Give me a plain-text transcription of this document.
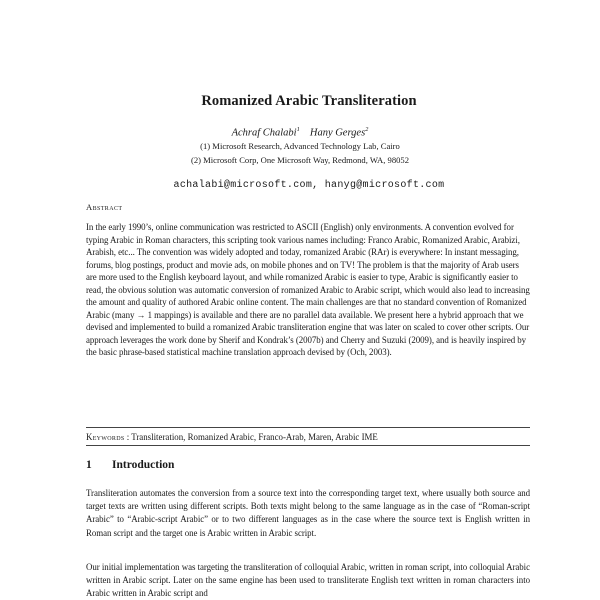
Romanized Arabic Transliteration
Achraf Chalabi$^1$ Hany Gerges$^2$
(1) Microsoft Research, Advanced Technology Lab, Cairo
(2) Microsoft Corp, One Microsoft Way, Redmond, WA, 98052
achalabi@microsoft.com, hanyg@microsoft.com
Abstract

In the early 1990’s, online communication was restricted to ASCII (English) only environments. A convention evolved for typing Arabic in Roman characters, this scripting took various names including: Franco Arabic, Romanized Arabic, Arabizi, Arabish, etc... The convention was widely adopted and today, romanized Arabic (RAr) is everywhere: In instant messaging, forums, blog postings, product and movie ads, on mobile phones and on TV! The problem is that the majority of Arab users are more used to the English keyboard layout, and while romanized Arabic is easier to type, Arabic is significantly easier to read, the obvious solution was automatic conversion of romanized Arabic to Arabic script, which would also lead to increasing the amount and quality of authored Arabic online content. The main challenges are that no standard convention of Romanized Arabic (many → 1 mappings) is available and there are no parallel data available. We present here a hybrid approach that we devised and implemented to build a romanized Arabic transliteration engine that was later on scaled to cover other scripts. Our approach leverages the work done by Sherif and Kondrak’s (2007b) and Cherry and Suzuki (2009), and is heavily inspired by the basic phrase-based statistical machine translation approach devised by (Och, 2003).

Keywords : Transliteration, Romanized Arabic, Franco-Arab, Maren, Arabic IME
1 Introduction

Transliteration automates the conversion from a source text into the corresponding target text, where usually both source and target texts are written using different scripts. Both texts might belong to the same language as in the case of “Roman-script Arabic” to “Arabic-script Arabic” or to two different languages as in the case where the source text is English written in Roman script and the target one is Arabic written in Arabic script.

Our initial implementation was targeting the transliteration of colloquial Arabic, written in roman script, into colloquial Arabic written in Arabic script. Later on the same engine has been used to transliterate English text written in roman characters into Arabic written in Arabic script and
